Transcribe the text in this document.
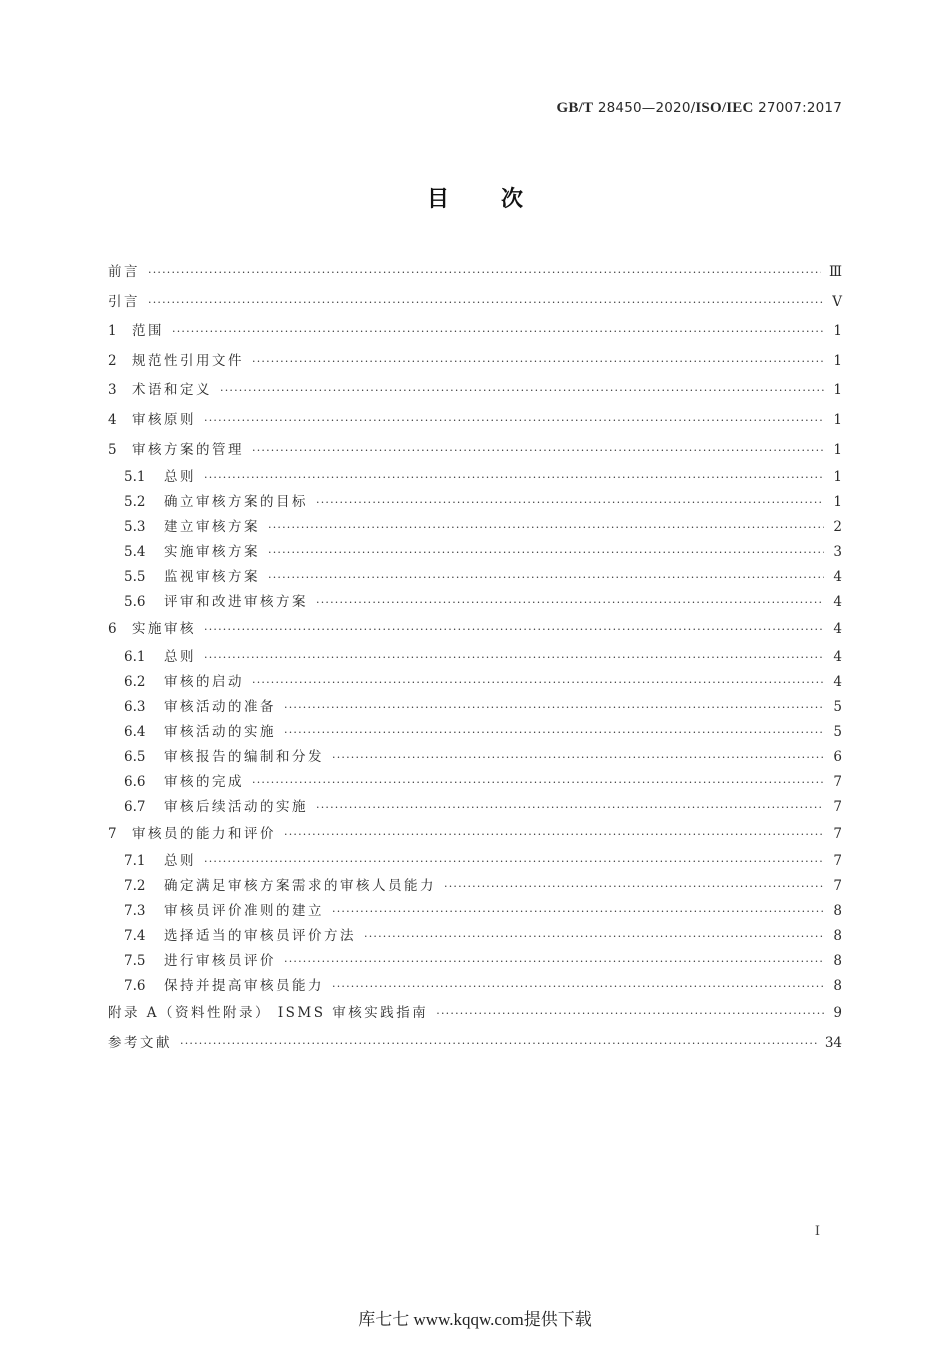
GB/T 28450—2020/ISO/IEC 27007:2017
目 次
前言 ·····	Ⅲ
引言 ·····	Ⅴ
1	范围 ·····	1
2	规范性引用文件 ·····	1
3	术语和定义 ·····	1
4	审核原则 ·····	1
5	审核方案的管理 ·····	1
5.1	总则 ·····	1
5.2	确立审核方案的目标 ·····	1
5.3	建立审核方案 ·····	2
5.4	实施审核方案 ·····	3
5.5	监视审核方案 ·····	4
5.6	评审和改进审核方案 ·····	4
6	实施审核 ·····	4
6.1	总则 ·····	4
6.2	审核的启动 ·····	4
6.3	审核活动的准备 ·····	5
6.4	审核活动的实施 ·····	5
6.5	审核报告的编制和分发 ·····	6
6.6	审核的完成 ·····	7
6.7	审核后续活动的实施 ·····	7
7	审核员的能力和评价 ·····	7
7.1	总则 ·····	7
7.2	确定满足审核方案需求的审核人员能力 ·····	7
7.3	审核员评价准则的建立 ·····	8
7.4	选择适当的审核员评价方法 ·····	8
7.5	进行审核员评价 ·····	8
7.6	保持并提高审核员能力 ·····	8
附录 A（资料性附录） ISMS 审核实践指南 ·····	9
参考文献 ·····	34
Ⅰ
库七七 www.kqqw.com提供下载
